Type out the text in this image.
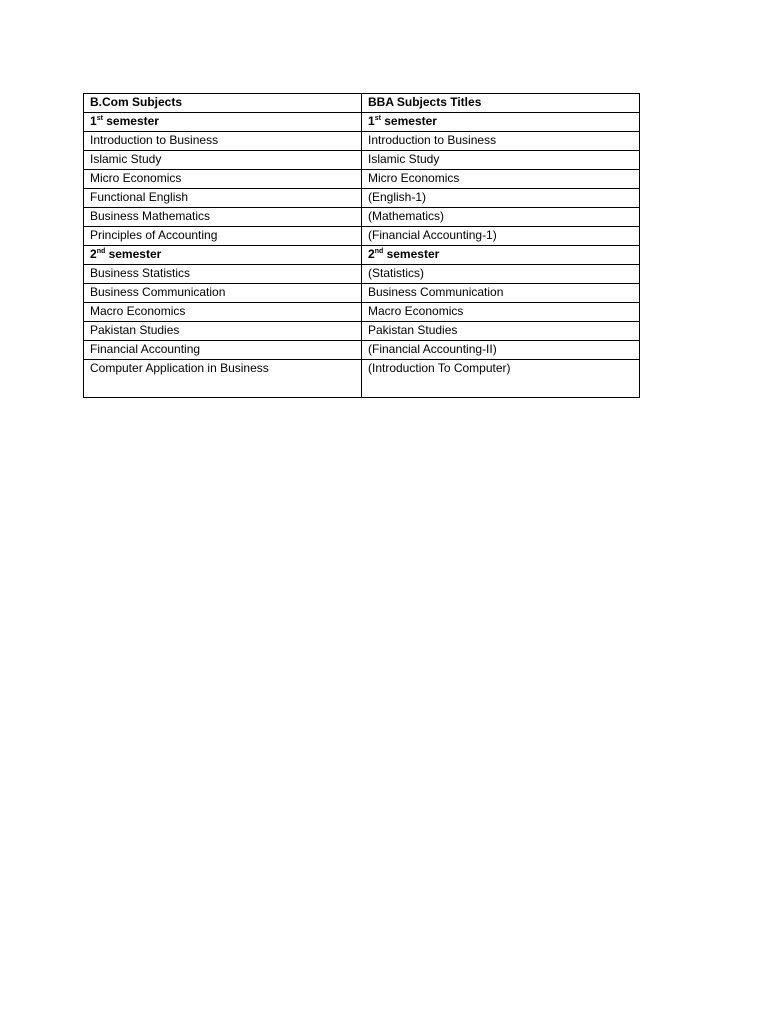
B.Com Subjects	BBA Subjects Titles
1st semester	1st semester
Introduction to Business	Introduction to Business
Islamic Study	Islamic Study
Micro Economics	Micro Economics
Functional English	(English-1)
Business Mathematics	(Mathematics)
Principles of Accounting	(Financial Accounting-1)
2nd semester	2nd semester
Business Statistics	(Statistics)
Business Communication	Business Communication
Macro Economics	Macro Economics
Pakistan Studies	Pakistan Studies
Financial Accounting	(Financial Accounting-II)
Computer Application in Business	(Introduction To Computer)
